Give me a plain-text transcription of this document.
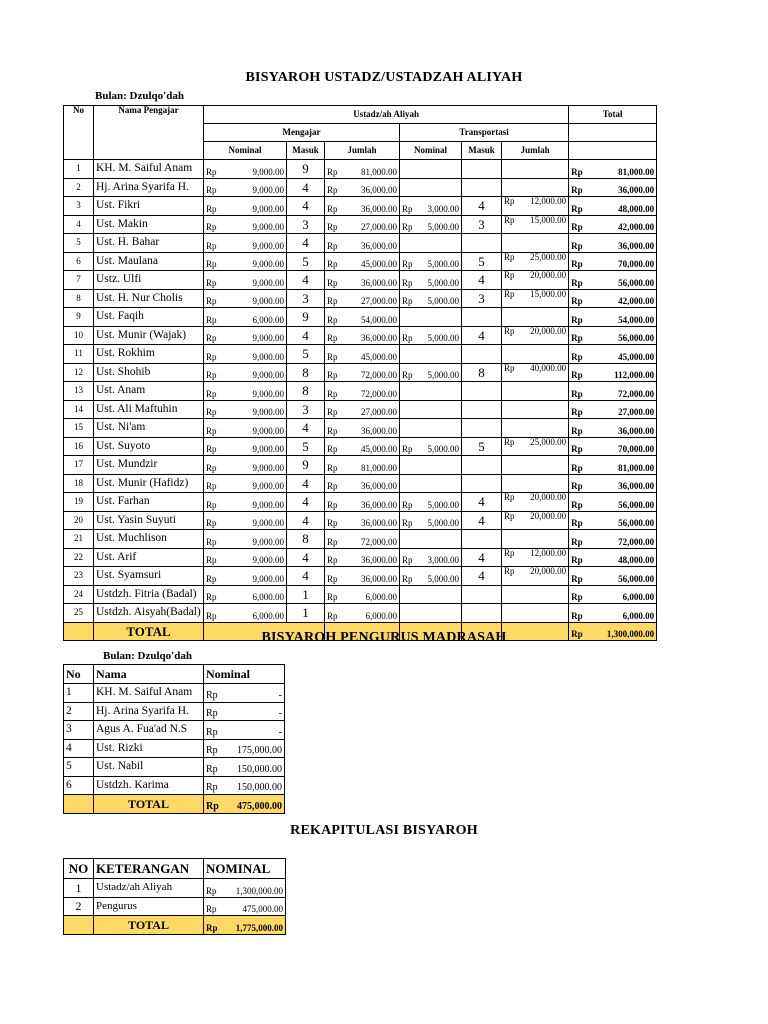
BISYAROH USTADZ/USTADZAH ALIYAH
Bulan: Dzulqo'dah
No	Nama Pengajar	Ustadz/ah Aliyah										Total	
		Mengajar					Transportasi						
		Nominal		Masuk	Jumlah		Nominal		Masuk	Jumlah			
1	KH. M. Saiful Anam	Rp	9,000.00	9	Rp	81,000.00						Rp	81,000.00
2	Hj. Arina Syarifa H.	Rp	9,000.00	4	Rp	36,000.00						Rp	36,000.00
3	Ust. Fikri	Rp	9,000.00	4	Rp	36,000.00	Rp	3,000.00	4	Rp	12,000.00	Rp	48,000.00
4	Ust. Makin	Rp	9,000.00	3	Rp	27,000.00	Rp	5,000.00	3	Rp	15,000.00	Rp	42,000.00
5	Ust. H. Bahar	Rp	9,000.00	4	Rp	36,000.00						Rp	36,000.00
6	Ust. Maulana	Rp	9,000.00	5	Rp	45,000.00	Rp	5,000.00	5	Rp	25,000.00	Rp	70,000.00
7	Ustz. Ulfi	Rp	9,000.00	4	Rp	36,000.00	Rp	5,000.00	4	Rp	20,000.00	Rp	56,000.00
8	Ust. H. Nur Cholis	Rp	9,000.00	3	Rp	27,000.00	Rp	5,000.00	3	Rp	15,000.00	Rp	42,000.00
9	Ust. Faqih	Rp	6,000.00	9	Rp	54,000.00						Rp	54,000.00
10	Ust. Munir (Wajak)	Rp	9,000.00	4	Rp	36,000.00	Rp	5,000.00	4	Rp	20,000.00	Rp	56,000.00
11	Ust. Rokhim	Rp	9,000.00	5	Rp	45,000.00						Rp	45,000.00
12	Ust. Shohib	Rp	9,000.00	8	Rp	72,000.00	Rp	5,000.00	8	Rp	40,000.00	Rp	112,000.00
13	Ust. Anam	Rp	9,000.00	8	Rp	72,000.00						Rp	72,000.00
14	Ust. Ali Maftuhin	Rp	9,000.00	3	Rp	27,000.00						Rp	27,000.00
15	Ust. Ni'am	Rp	9,000.00	4	Rp	36,000.00						Rp	36,000.00
16	Ust. Suyoto	Rp	9,000.00	5	Rp	45,000.00	Rp	5,000.00	5	Rp	25,000.00	Rp	70,000.00
17	Ust. Mundzir	Rp	9,000.00	9	Rp	81,000.00						Rp	81,000.00
18	Ust. Munir (Hafidz)	Rp	9,000.00	4	Rp	36,000.00						Rp	36,000.00
19	Ust. Farhan	Rp	9,000.00	4	Rp	36,000.00	Rp	5,000.00	4	Rp	20,000.00	Rp	56,000.00
20	Ust. Yasin Suyuti	Rp	9,000.00	4	Rp	36,000.00	Rp	5,000.00	4	Rp	20,000.00	Rp	56,000.00
21	Ust. Muchlison	Rp	9,000.00	8	Rp	72,000.00						Rp	72,000.00
22	Ust. Arif	Rp	9,000.00	4	Rp	36,000.00	Rp	3,000.00	4	Rp	12,000.00	Rp	48,000.00
23	Ust. Syamsuri	Rp	9,000.00	4	Rp	36,000.00	Rp	5,000.00	4	Rp	20,000.00	Rp	56,000.00
24	Ustdzh. Fitria (Badal)	Rp	6,000.00	1	Rp	6,000.00						Rp	6,000.00
25	Ustdzh. Aisyah(Badal)	Rp	6,000.00	1	Rp	6,000.00						Rp	6,000.00
	TOTAL											Rp	1,300,000.00
BISYAROH PENGURUS MADRASAH
Bulan: Dzulqo'dah
No	Nama	Nominal	
1	KH. M. Saiful Anam	Rp	-
2	Hj. Arina Syarifa H.	Rp	-
3	Agus A. Fua'ad N.S	Rp	-
4	Ust. Rizki	Rp	175,000.00
5	Ust. Nabil	Rp	150,000.00
6	Ustdzh. Karima	Rp	150,000.00
	TOTAL	Rp	475,000.00
REKAPITULASI BISYAROH
NO	KETERANGAN	NOMINAL	
1	Ustadz/ah Aliyah	Rp	1,300,000.00
2	Pengurus	Rp	475,000.00
	TOTAL	Rp	1,775,000.00
